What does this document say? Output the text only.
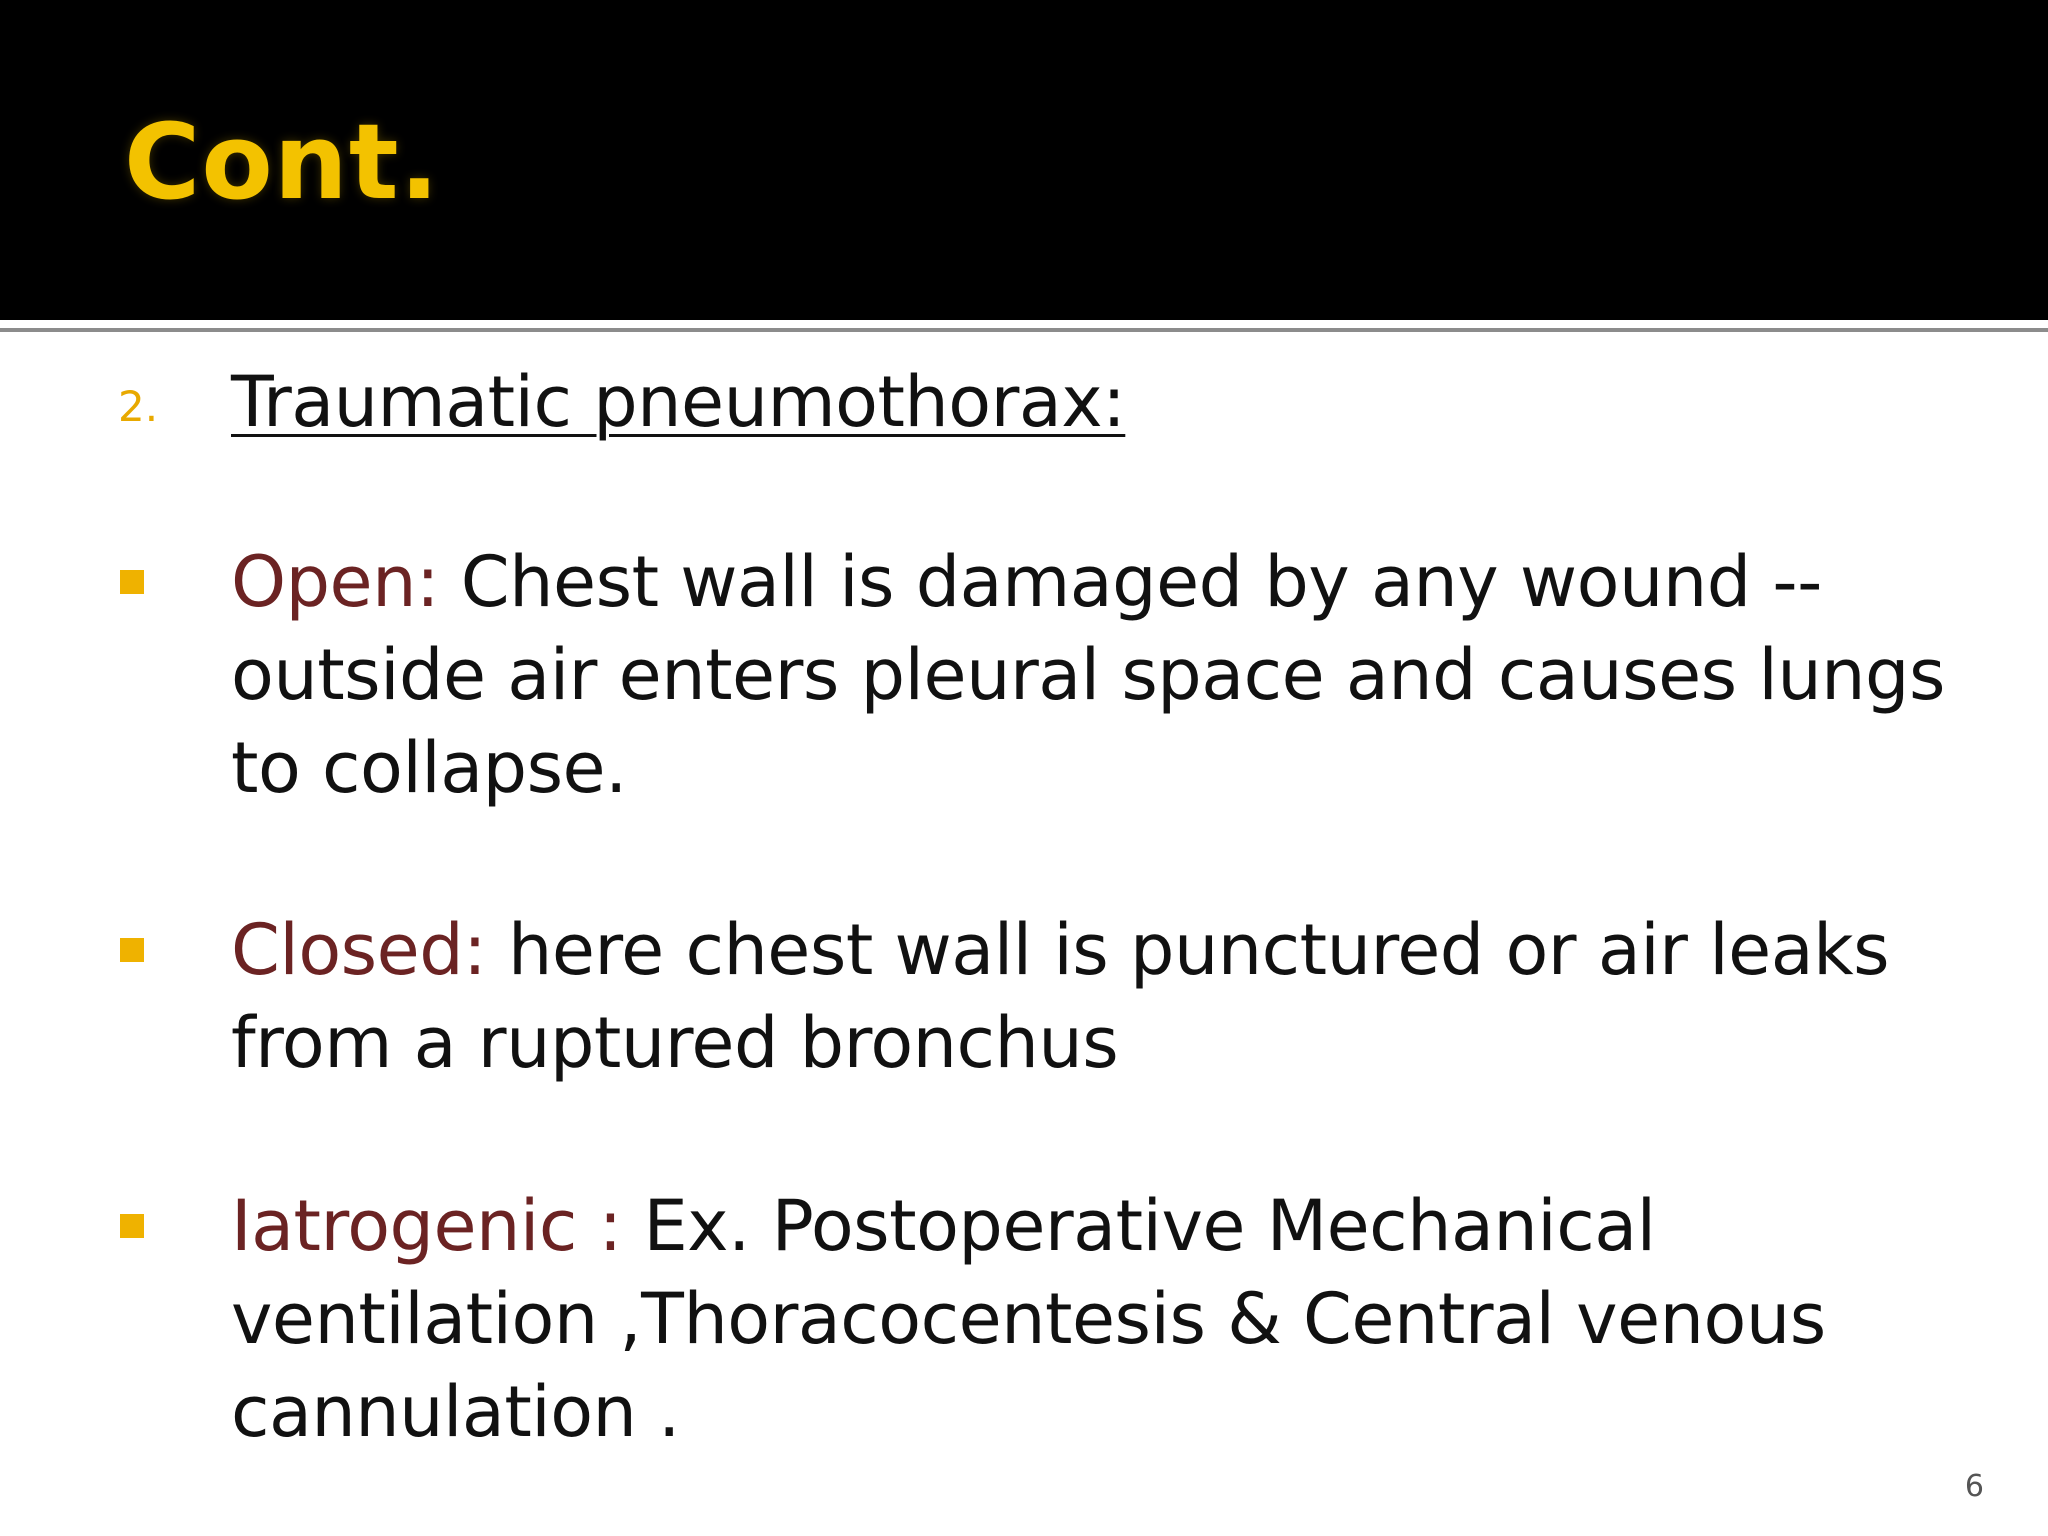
Cont.
2. Traumatic pneumothorax:

Open: Chest wall is damaged by any wound -- outside air enters pleural space and causes lungs to collapse.

Closed: here chest wall is punctured or air leaks from a ruptured bronchus

Iatrogenic : Ex. Postoperative Mechanical ventilation ,Thoracocentesis & Central venous cannulation .

6
